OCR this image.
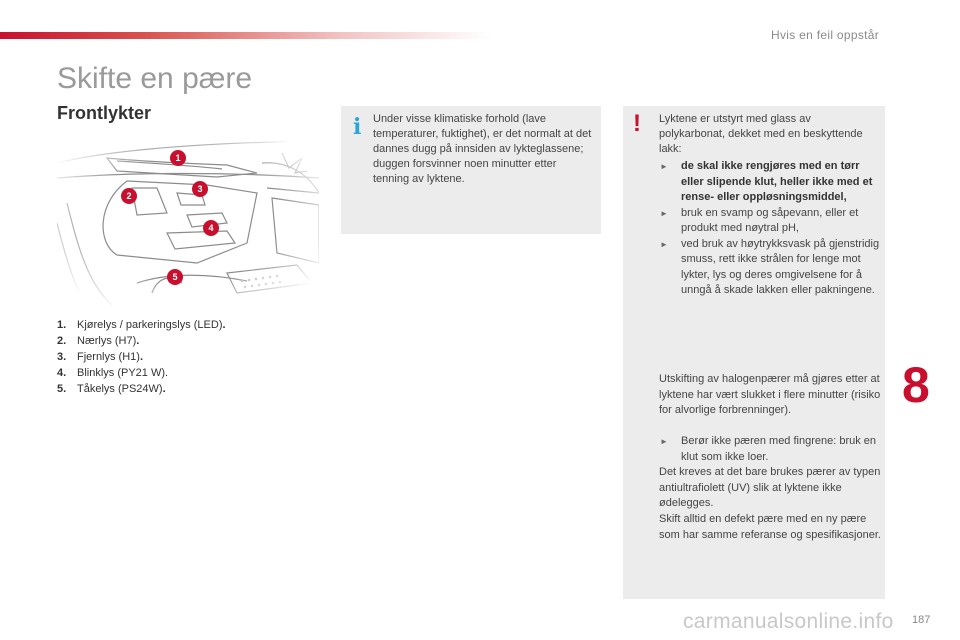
Hvis en feil oppstår
Skifte en pære
Frontlykter
1
2
3
4
5
1. Kjørelys / parkeringslys (LED).
2. Nærlys (H7).
3. Fjernlys (H1).
4. Blinklys (PY21 W).
5. Tåkelys (PS24W).
i Under visse klimatiske forhold (lave temperaturer, fuktighet), er det normalt at det dannes dugg på innsiden av lykteglassene; duggen forsvinner noen minutter etter tenning av lyktene.

! Lyktene er utstyrt med glass av polykarbonat, dekket med en beskyttende lakk:

► de skal ikke rengjøres med en tørr eller slipende klut, heller ikke med et rense- eller oppløsningsmiddel,
► bruk en svamp og såpevann, eller et produkt med nøytral pH,
► ved bruk av høytrykksvask på gjenstridig smuss, rett ikke strålen for lenge mot lykter, lys og deres omgivelsene for å unngå å skade lakken eller pakningene.

Utskifting av halogenpærer må gjøres etter at lyktene har vært slukket i flere minutter (risiko for alvorlige forbrenninger).

► Berør ikke pæren med fingrene: bruk en klut som ikke loer.

Det kreves at det bare brukes pærer av typen antiultrafiolett (UV) slik at lyktene ikke ødelegges.

Skift alltid en defekt pære med en ny pære som har samme referanse og spesifikasjoner.

8
carmanualsonline.info 187
